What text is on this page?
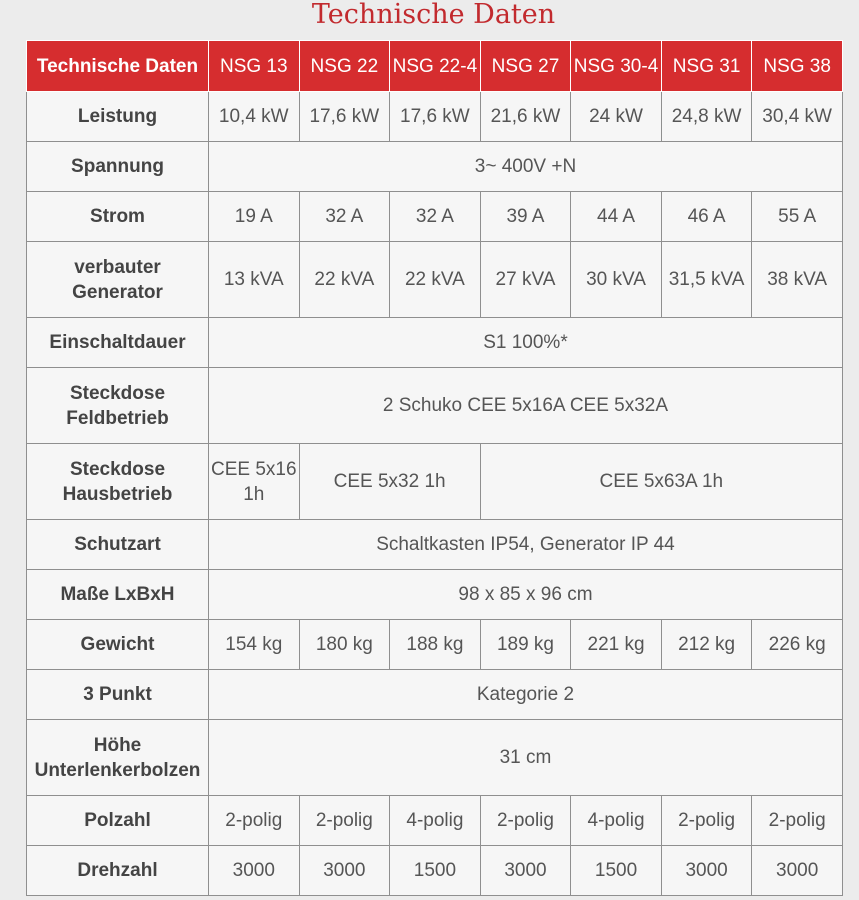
Technische Daten
Technische Daten	NSG 13	NSG 22	NSG 22-4	NSG 27	NSG 30-4	NSG 31	NSG 38
Leistung	10,4 kW	17,6 kW	17,6 kW	21,6 kW	24 kW	24,8 kW	30,4 kW
Spannung	3~ 400V +N						
Strom	19 A	32 A	32 A	39 A	44 A	46 A	55 A
verbauter Generator	13 kVA	22 kVA	22 kVA	27 kVA	30 kVA	31,5 kVA	38 kVA
Einschaltdauer	S1 100%*						
Steckdose Feldbetrieb	2 Schuko CEE 5x16A CEE 5x32A						
Steckdose Hausbetrieb	CEE 5x16 1h	CEE 5x32 1h		CEE 5x63A 1h			
Schutzart	Schaltkasten IP54, Generator IP 44						
Maße LxBxH	98 x 85 x 96 cm						
Gewicht	154 kg	180 kg	188 kg	189 kg	221 kg	212 kg	226 kg
3 Punkt	Kategorie 2						
Höhe Unterlenkerbolzen	31 cm						
Polzahl	2-polig	2-polig	4-polig	2-polig	4-polig	2-polig	2-polig
Drehzahl	3000	3000	1500	3000	1500	3000	3000
